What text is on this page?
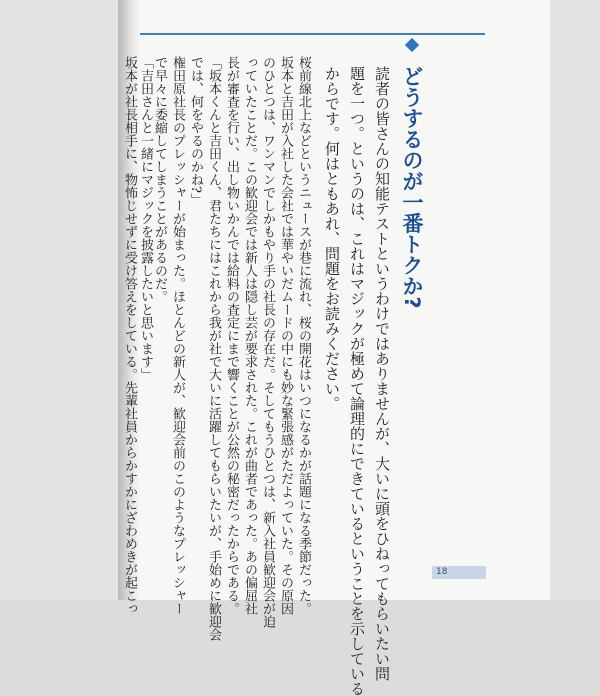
どうするのが一番トクか?
読者の皆さんの知能テストというわけではありませんが、大いに頭をひねってもらいたい問
題を一つ。というのは、これはマジックが極めて論理的にできているということを示している
からです。何はともあれ、問題をお読みください。
桜前線北上などというニュースが巷に流れ、桜の開花はいつになるかが話題になる季節だった。
坂本と吉田が入社した会社では華やいだムードの中にも妙な緊張感がただよっていた。その原因
のひとつは、ワンマンでしかもやり手の社長の存在だ。そしてもうひとつは、新入社員歓迎会が迫
っていたことだ。この歓迎会では新人は隠し芸が要求された。これが曲者であった。あの偏屈社
長が審査を行い、出し物いかんでは給料の査定にまで響くことが公然の秘密だったからである。
「坂本くんと吉田くん、君たちにはこれから我が社で大いに活躍してもらいたいが、手始めに歓迎会
では、何をやるのかね?」
権田原社長のプレッシャーが始まった。ほとんどの新人が、歓迎会前のこのようなプレッシャー
で早々に委縮してしまうことがあるのだ。
「吉田さんと一緒にマジックを披露したいと思います」
坂本が社長相手に、物怖じせずに受け答えをしている。先輩社員からかすかにざわめきが起こっ	18
